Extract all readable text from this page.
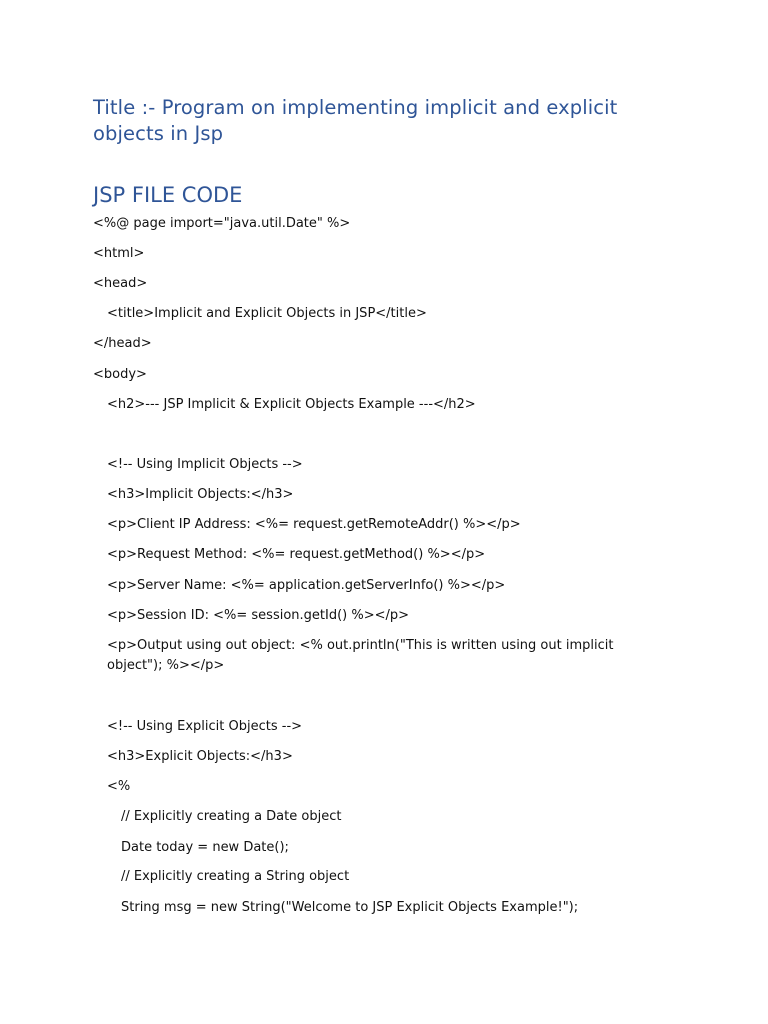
Title :- Program on implementing implicit and explicit objects in Jsp
JSP FILE CODE
<%@ page import="java.util.Date" %>
<html>
<head>
<title>Implicit and Explicit Objects in JSP</title>
</head>
<body>
<h2>--- JSP Implicit & Explicit Objects Example ---</h2>
<!-- Using Implicit Objects -->
<h3>Implicit Objects:</h3>
<p>Client IP Address: <%= request.getRemoteAddr() %></p>
<p>Request Method: <%= request.getMethod() %></p>
<p>Server Name: <%= application.getServerInfo() %></p>
<p>Session ID: <%= session.getId() %></p>
<p>Output using out object: <% out.println("This is written using out implicit object"); %></p>
<!-- Using Explicit Objects -->
<h3>Explicit Objects:</h3>
<%
// Explicitly creating a Date object
Date today = new Date();
// Explicitly creating a String object
String msg = new String("Welcome to JSP Explicit Objects Example!");
